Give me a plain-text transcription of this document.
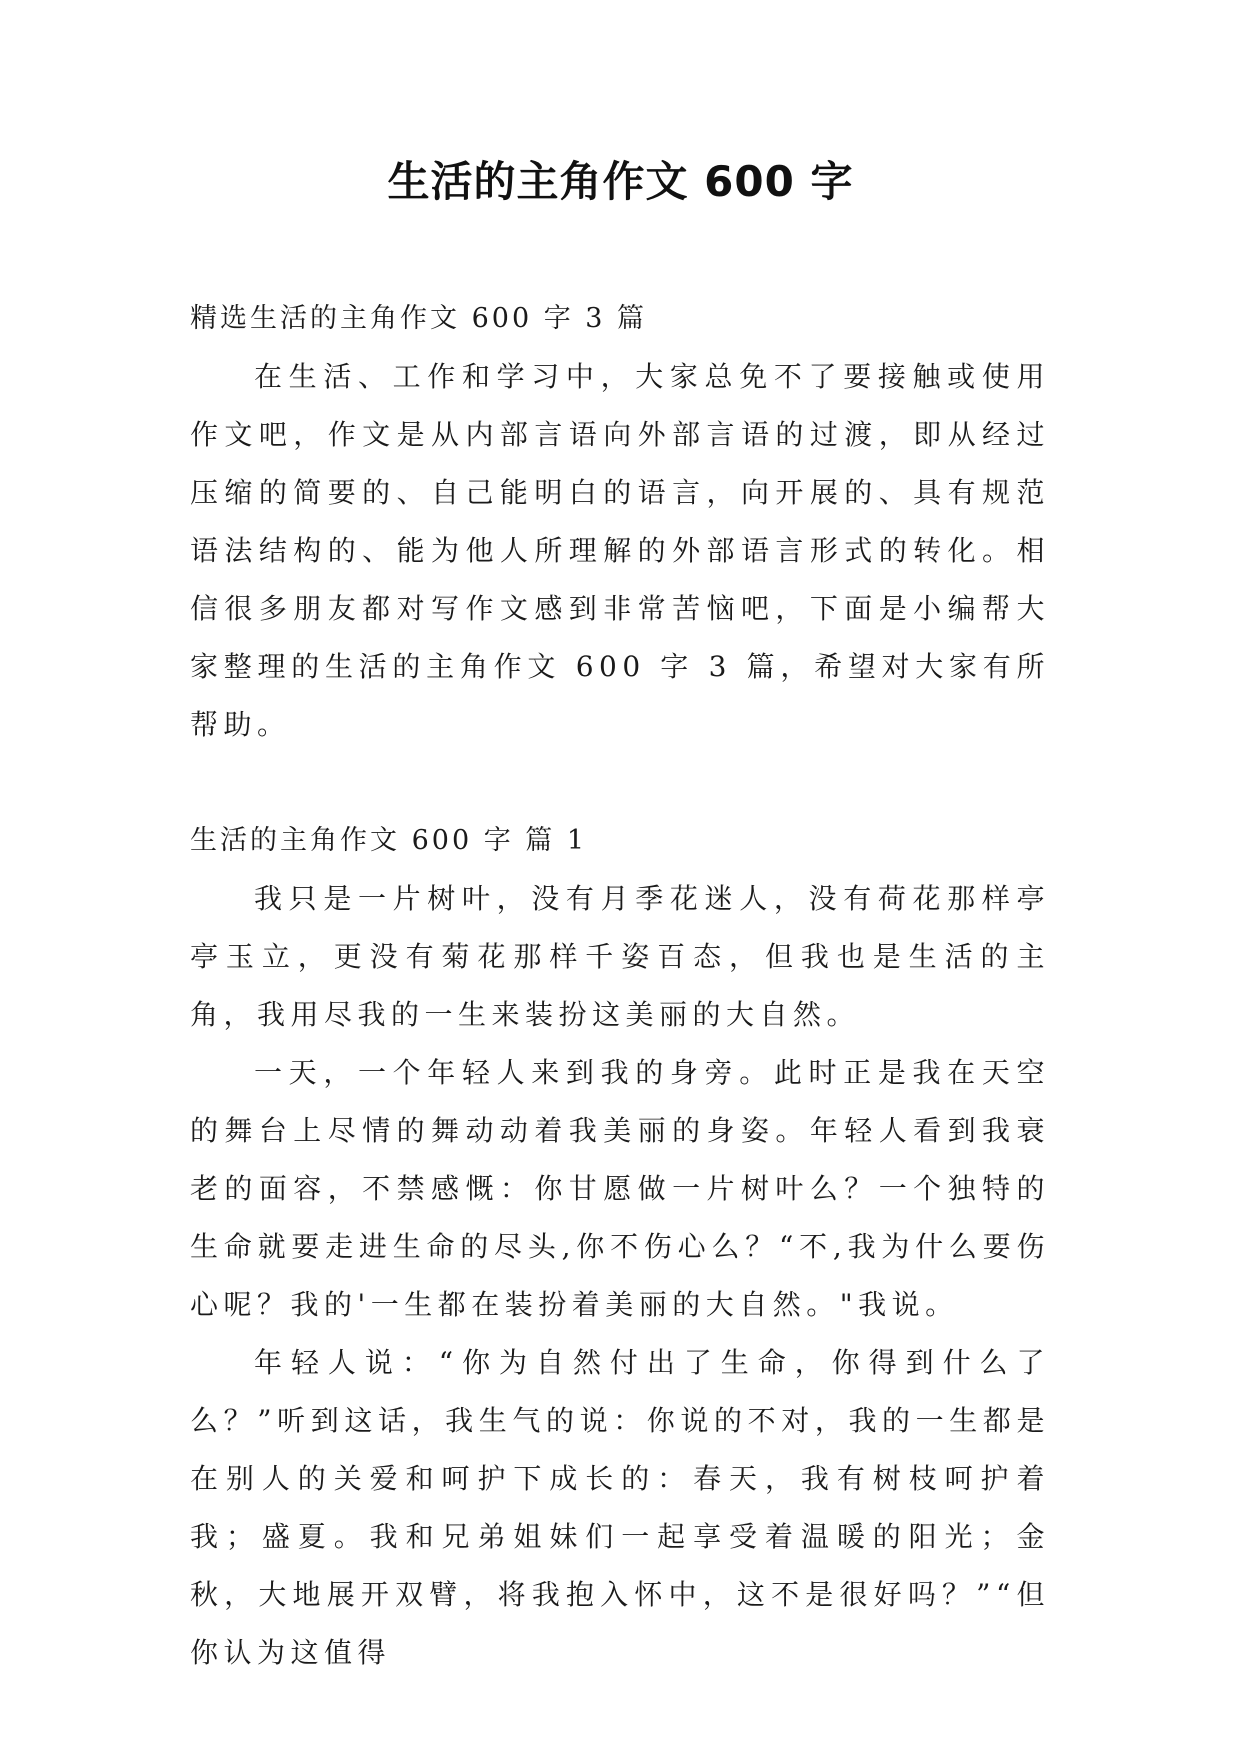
生活的主角作文 600 字
精选生活的主角作文 600 字 3 篇

在生活、工作和学习中，大家总免不了要接触或使用作文吧，作文是从内部言语向外部言语的过渡，即从经过压缩的简要的、自己能明白的语言，向开展的、具有规范语法结构的、能为他人所理解的外部语言形式的转化。相信很多朋友都对写作文感到非常苦恼吧，下面是小编帮大家整理的生活的主角作文 600 字 3 篇，希望对大家有所帮助。

生活的主角作文 600 字 篇 1

我只是一片树叶，没有月季花迷人，没有荷花那样亭亭玉立，更没有菊花那样千姿百态，但我也是生活的主角，我用尽我的一生来装扮这美丽的大自然。

一天，一个年轻人来到我的身旁。此时正是我在天空的舞台上尽情的舞动动着我美丽的身姿。年轻人看到我衰老的面容，不禁感慨：你甘愿做一片树叶么？一个独特的生命就要走进生命的尽头,你不伤心么？“不,我为什么要伤心呢？我的'一生都在装扮着美丽的大自然。"我说。

年轻人说：“你为自然付出了生命，你得到什么了么？”听到这话，我生气的说：你说的不对，我的一生都是在别人的关爱和呵护下成长的：春天，我有树枝呵护着我；盛夏。我和兄弟姐妹们一起享受着温暖的阳光；金秋，大地展开双臂，将我抱入怀中，这不是很好吗？”“但你认为这值得
